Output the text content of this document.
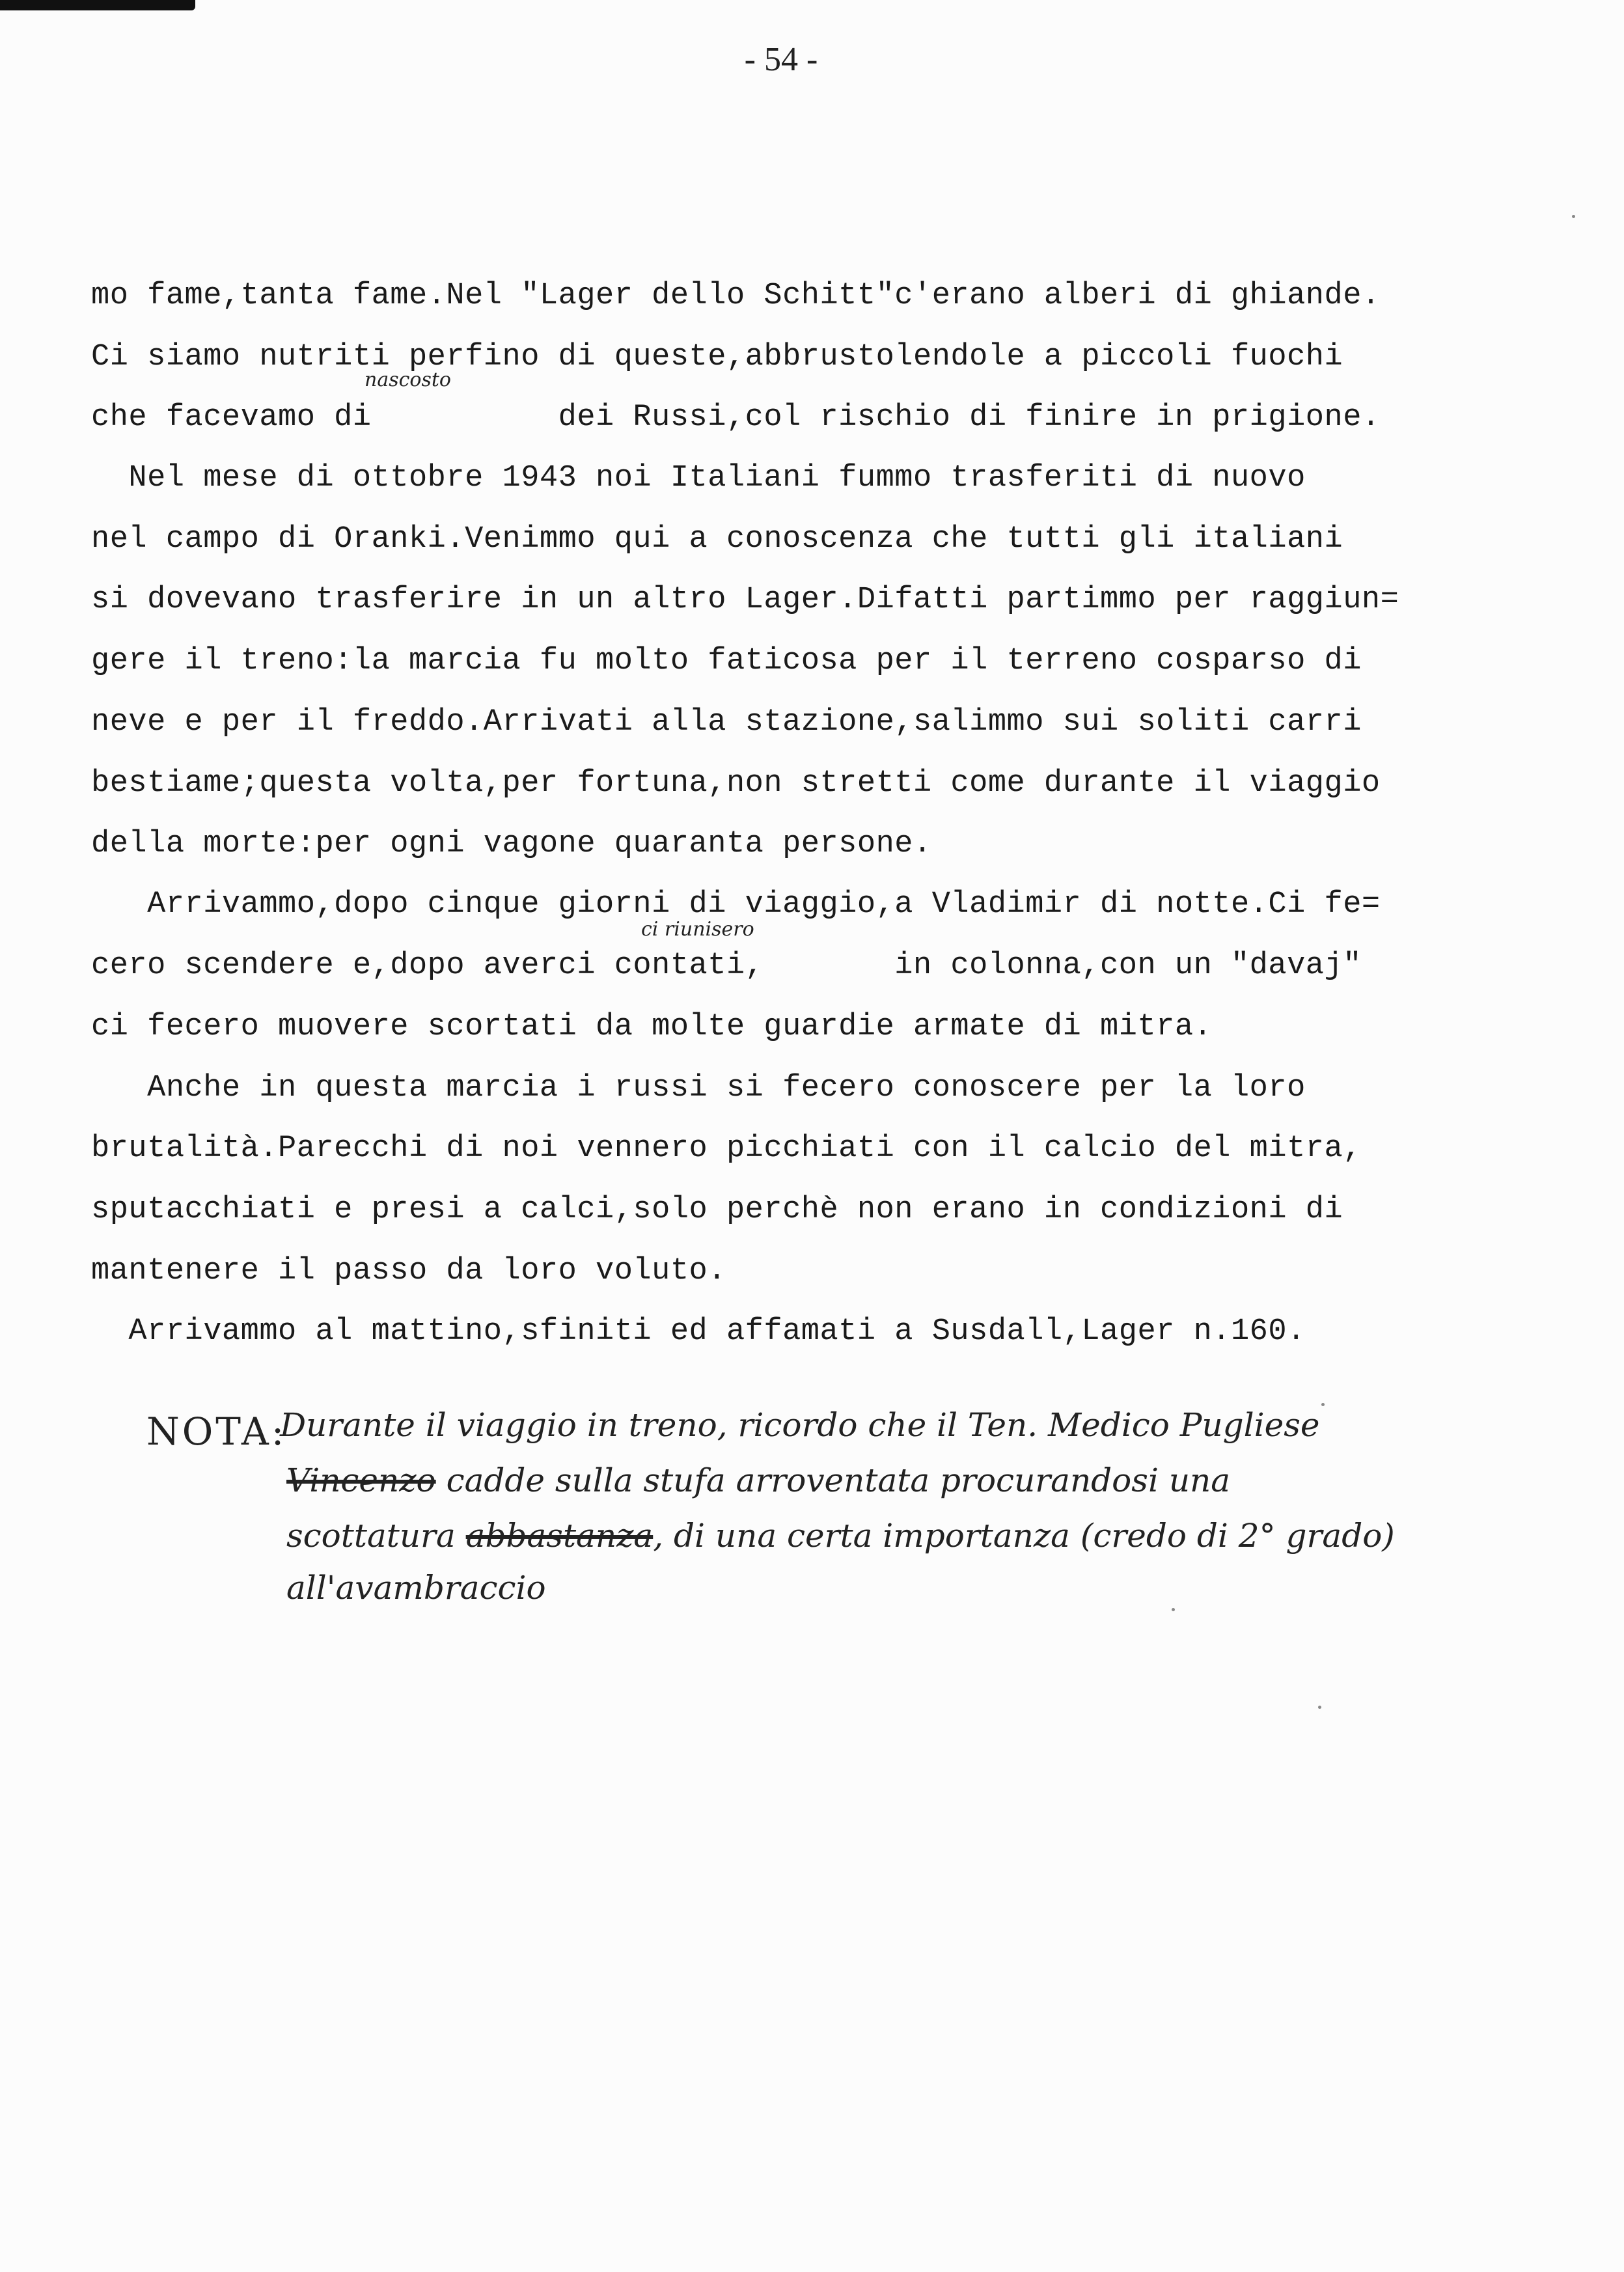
- 54 -
mo fame,tanta fame.Nel "Lager dello Schitt"c'erano alberi di ghiande.
Ci siamo nutriti perfino di queste,abbrustolendole a piccoli fuochi
che facevamo di          dei Russi,col rischio di finire in prigione.
Nel mese di ottobre 1943 noi Italiani fummo trasferiti di nuovo
nel campo di Oranki.Venimmo qui a conoscenza che tutti gli italiani
si dovevano trasferire in un altro Lager.Difatti partimmo per raggiun=
gere il treno:la marcia fu molto faticosa per il terreno cosparso di
neve e per il freddo.Arrivati alla stazione,salimmo sui soliti carri
bestiame;questa volta,per fortuna,non stretti come durante il viaggio
della morte:per ogni vagone quaranta persone.
Arrivammo,dopo cinque giorni di viaggio,a Vladimir di notte.Ci fe=
cero scendere e,dopo averci contati,       in colonna,con un "davaj"
ci fecero muovere scortati da molte guardie armate di mitra.
Anche in questa marcia i russi si fecero conoscere per la loro
brutalità.Parecchi di noi vennero picchiati con il calcio del mitra,
sputacchiati e presi a calci,solo perchè non erano in condizioni di
mantenere il passo da loro voluto.
Arrivammo al mattino,sfiniti ed affamati a Susdall,Lager n.160.
nascosto
ci riunisero
NOTA:
Durante il viaggio in treno, ricordo che il Ten. Medico Pugliese
Vincenzo cadde sulla stufa arroventata procurandosi una
scottatura abbastanza, di una certa importanza (credo di 2° grado)
all'avambraccio
